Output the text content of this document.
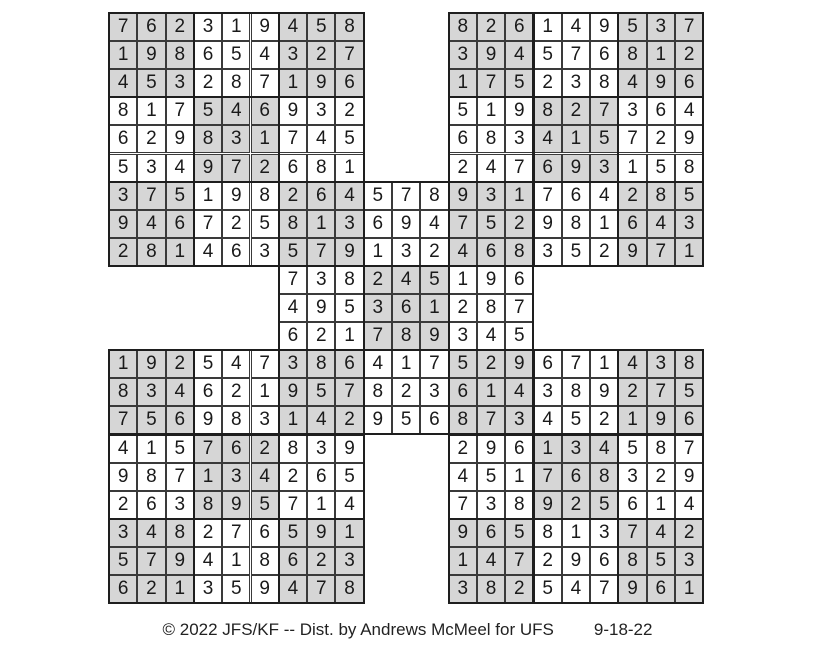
7 6 2 3 1 9 4 5 8
1 9 8 6 5 4 3 2 7
4 5 3 2 8 7 1 9 6
8 1 7 5 4 6 9 3 2
6 2 9 8 3 1 7 4 5
5 3 4 9 7 2 6 8 1
3 7 5 1 9 8 2 6 4
9 4 6 7 2 5 8 1 3
2 8 1 4 6 3 5 7 9
8 2 6 1 4 9 5 3 7
3 9 4 5 7 6 8 1 2
1 7 5 2 3 8 4 9 6
5 1 9 8 2 7 3 6 4
6 8 3 4 1 5 7 2 9
2 4 7 6 9 3 1 5 8
9 3 1 7 6 4 2 8 5
7 5 2 9 8 1 6 4 3
4 6 8 3 5 2 9 7 1
5 7 8
6 9 4
1 3 2
7 3 8 2 4 5 1 9 6
4 9 5 3 6 1 2 8 7
6 2 1 7 8 9 3 4 5
3 8 6 4 1 7 5 2 9
9 5 7 8 2 3 6 1 4
1 4 2 9 5 6 8 7 3
1 9 2 5 4 7
8 3 4 6 2 1
7 5 6 9 8 3
4 1 5 7 6 2 8 3 9
9 8 7 1 3 4 2 6 5
2 6 3 8 9 5 7 1 4
3 4 8 2 7 6 5 9 1
5 7 9 4 1 8 6 2 3
6 2 1 3 5 9 4 7 8
6 7 1 4 3 8
3 8 9 2 7 5
4 5 2 1 9 6
2 9 6 1 3 4 5 8 7
4 5 1 7 6 8 3 2 9
7 3 8 9 2 5 6 1 4
9 6 5 8 1 3 7 4 2
1 4 7 2 9 6 8 5 3
3 8 2 5 4 7 9 6 1
© 2022 JFS/KF -- Dist. by Andrews McMeel for UFS 9-18-22
